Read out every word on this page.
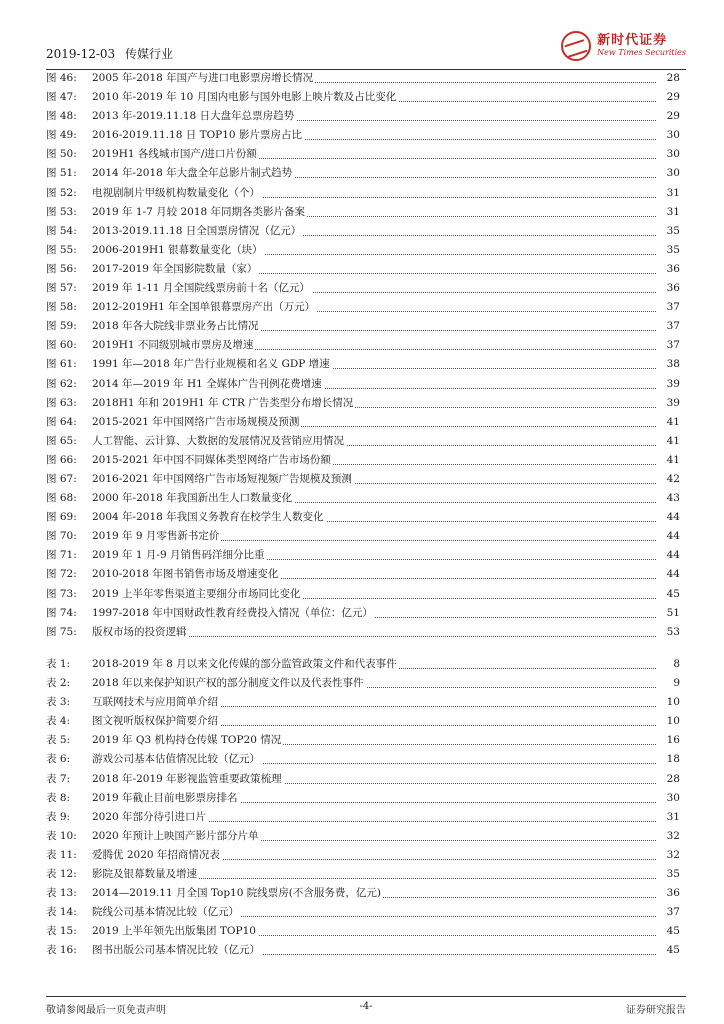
2019-12-03 传媒行业
新时代证券
New Times Securities
图 46: 2005 年-2018 年国产与进口电影票房增长情况	28
图 47: 2010 年-2019 年 10 月国内电影与国外电影上映片数及占比变化	29
图 48: 2013 年-2019.11.18 日大盘年总票房趋势	29
图 49: 2016-2019.11.18 日 TOP10 影片票房占比	30
图 50: 2019H1 各线城市国产/进口片份额	30
图 51: 2014 年-2018 年大盘全年总影片制式趋势	30
图 52: 电视剧制片甲级机构数量变化（个）	31
图 53: 2019 年 1-7 月较 2018 年同期各类影片备案	31
图 54: 2013-2019.11.18 日全国票房情况（亿元）	35
图 55: 2006-2019H1 银幕数量变化（块）	35
图 56: 2017-2019 年全国影院数量（家）	36
图 57: 2019 年 1-11 月全国院线票房前十名（亿元）	36
图 58: 2012-2019H1 年全国单银幕票房产出（万元）	37
图 59: 2018 年各大院线非票业务占比情况	37
图 60: 2019H1 不同级别城市票房及增速	37
图 61: 1991 年—2018 年广告行业规模和名义 GDP 增速	38
图 62: 2014 年—2019 年 H1 全媒体广告刊例花费增速	39
图 63: 2018H1 年和 2019H1 年 CTR 广告类型分布增长情况	39
图 64: 2015-2021 年中国网络广告市场规模及预测	41
图 65: 人工智能、云计算、大数据的发展情况及营销应用情况	41
图 66: 2015-2021 年中国不同媒体类型网络广告市场份额	41
图 67: 2016-2021 年中国网络广告市场短视频广告规模及预测	42
图 68: 2000 年-2018 年我国新出生人口数量变化	43
图 69: 2004 年-2018 年我国义务教育在校学生人数变化	44
图 70: 2019 年 9 月零售新书定价	44
图 71: 2019 年 1 月-9 月销售码洋细分比重	44
图 72: 2010-2018 年图书销售市场及增速变化	44
图 73: 2019 上半年零售渠道主要细分市场同比变化	45
图 74: 1997-2018 年中国财政性教育经费投入情况（单位：亿元）	51
图 75: 版权市场的投资逻辑	53
表 1: 2018-2019 年 8 月以来文化传媒的部分监管政策文件和代表事件	8
表 2: 2018 年以来保护知识产权的部分制度文件以及代表性事件	9
表 3: 互联网技术与应用简单介绍	10
表 4: 图文视听版权保护简要介绍	10
表 5: 2019 年 Q3 机构持仓传媒 TOP20 情况	16
表 6: 游戏公司基本估值情况比较（亿元）	18
表 7: 2018 年-2019 年影视监管重要政策梳理	28
表 8: 2019 年截止目前电影票房排名	30
表 9: 2020 年部分待引进口片	31
表 10: 2020 年预计上映国产影片部分片单	32
表 11: 爱腾优 2020 年招商情况表	32
表 12: 影院及银幕数量及增速	35
表 13: 2014—2019.11 月全国 Top10 院线票房(不含服务费，亿元)	36
表 14: 院线公司基本情况比较（亿元）	37
表 15: 2019 上半年领先出版集团 TOP10	45
表 16: 图书出版公司基本情况比较（亿元）	45
敬请参阅最后一页免责声明	-4-	证券研究报告
